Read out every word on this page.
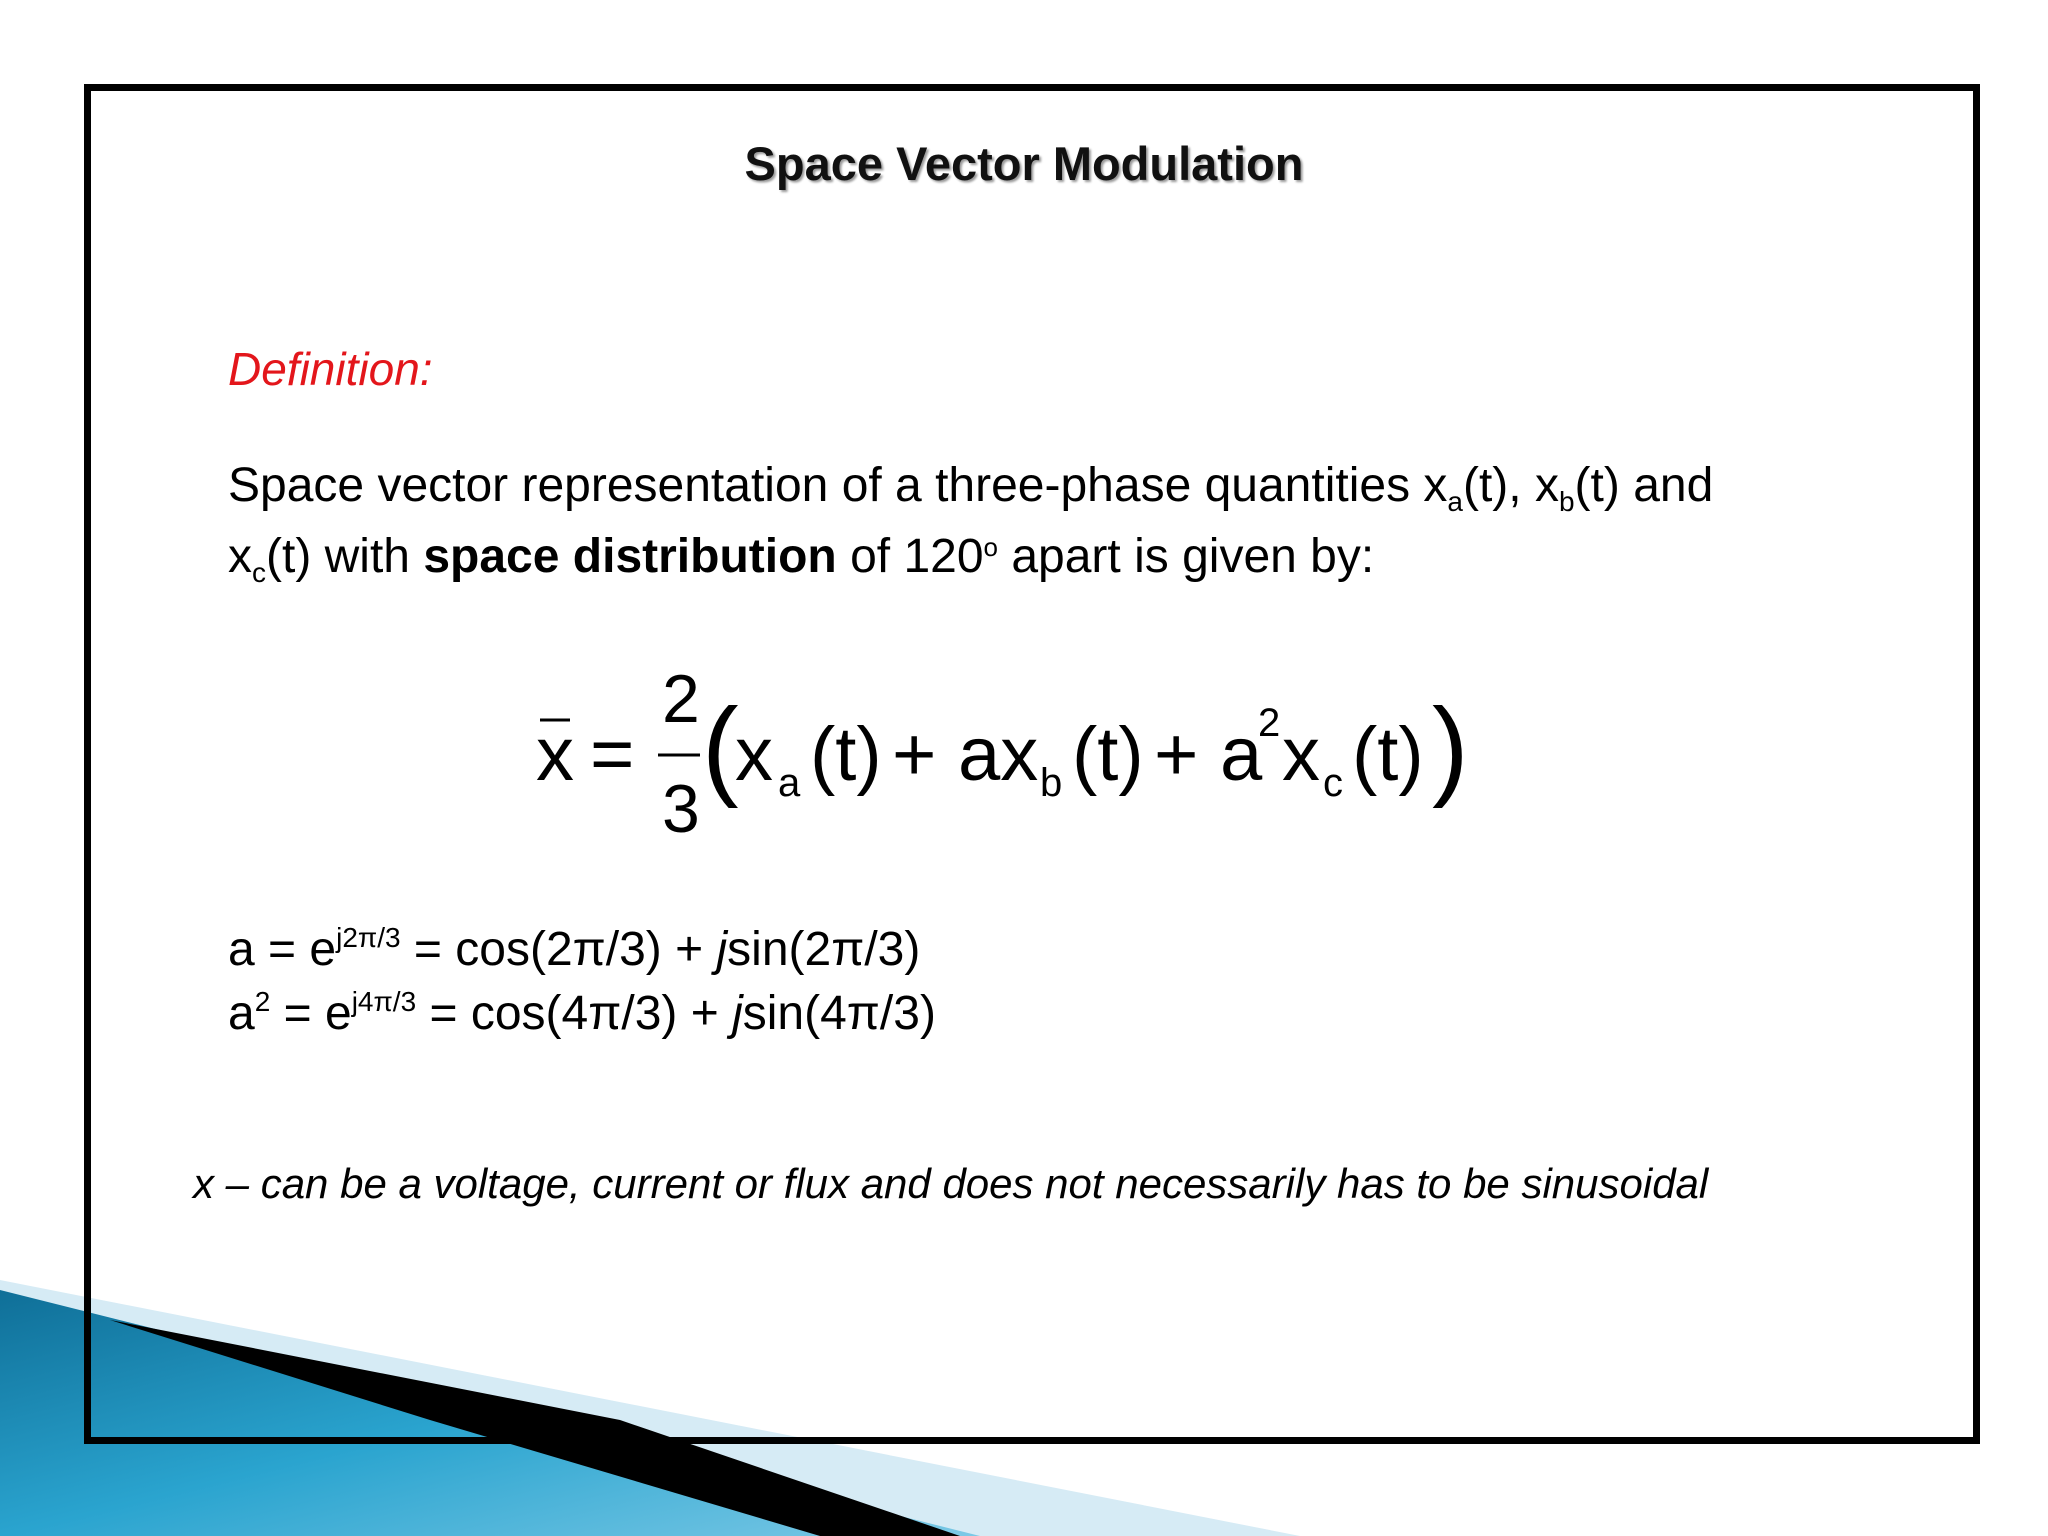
Space Vector Modulation
Definition:
Space vector representation of a three-phase quantities $x_a(t)$, $x_b(t)$ and
$x_c(t)$ with space distribution of 120$^o$ apart is given by:
x =
2
3 (
x a (t) + ax b (t) + a
2 x c (t) )
$a = e^{j2\pi/3} = \cos(2\pi/3) + jsin(2\pi/3)$
$a^2 = e^{j4\pi/3} = \cos(4\pi/3) + jsin(4\pi/3)$
x – can be a voltage, current or flux and does not necessarily has to be sinusoidal
